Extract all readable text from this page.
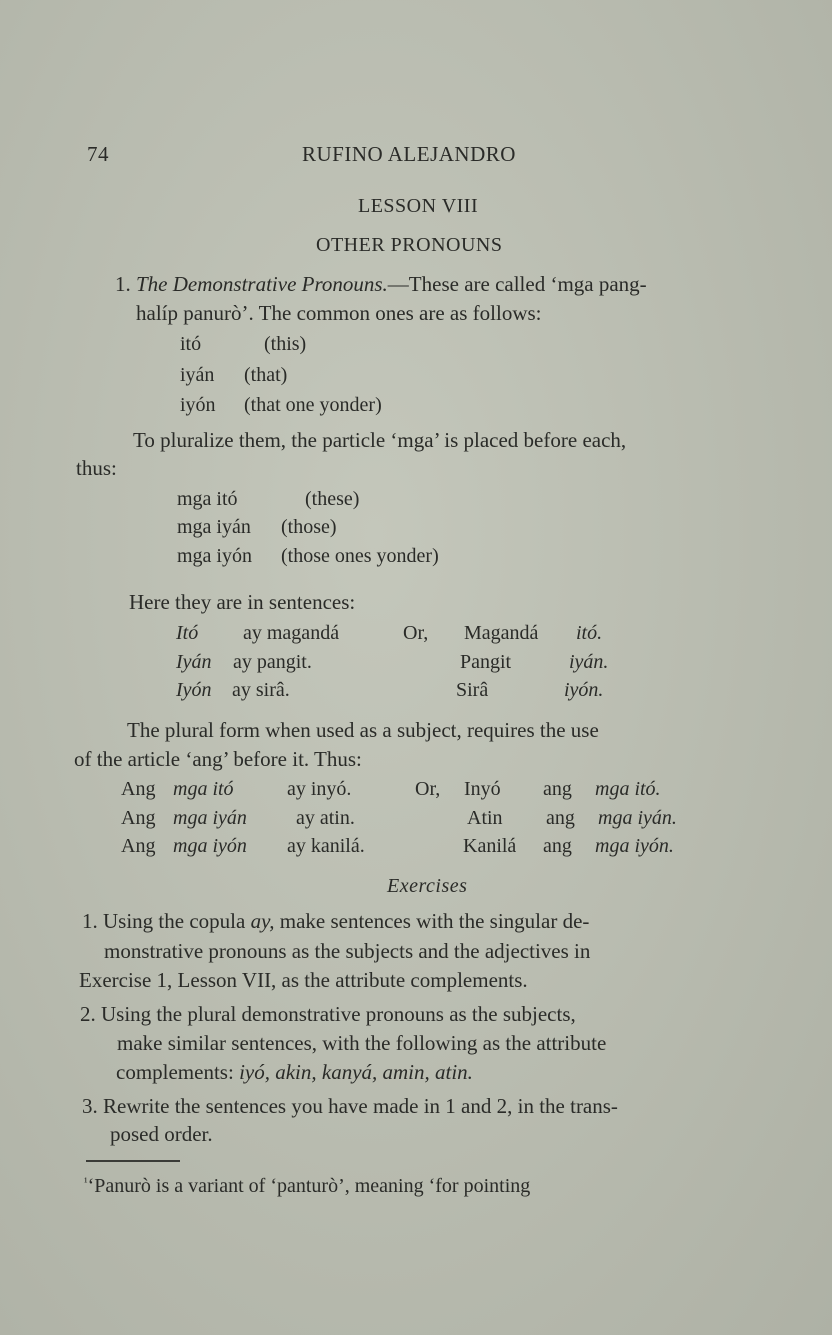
74	RUFINO ALEJANDRO
LESSON VIII
OTHER PRONOUNS
1. The Demonstrative Pronouns.—These are called ‘mga pang-
halíp panurò’. The common ones are as follows:
itó	(this)
iyán (that)
iyón (that one yonder)
To pluralize them, the particle ‘mga’ is placed before each,
thus:
mga itó	(these)
mga iyán (those)
mga iyón (those ones yonder)
Here they are in sentences:
Itó ay magandá	Or, Magandá itó.
Iyán ay pangit.	Pangit	iyán.
Iyón ay sirâ.	Sirâ	iyón.
The plural form when used as a subject, requires the use
of the article ‘ang’ before it. Thus:
Ang mga itó	ay inyó.	Or, Inyó ang mga itó.
Ang mga iyán ay atin.	Atin ang mga iyán.
Ang mga iyón ay kanilá.	Kanilá ang mga iyón.
Exercises
1. Using the copula ay, make sentences with the singular de-
monstrative pronouns as the subjects and the adjectives in
Exercise 1, Lesson VII, as the attribute complements.
2. Using the plural demonstrative pronouns as the subjects,
make similar sentences, with the following as the attribute
complements: iyó, akin, kanyá, amin, atin.
3. Rewrite the sentences you have made in 1 and 2, in the trans-
posed order.
$^{^1}$‘Panurò is a variant of ‘panturò’, meaning ‘for pointing
